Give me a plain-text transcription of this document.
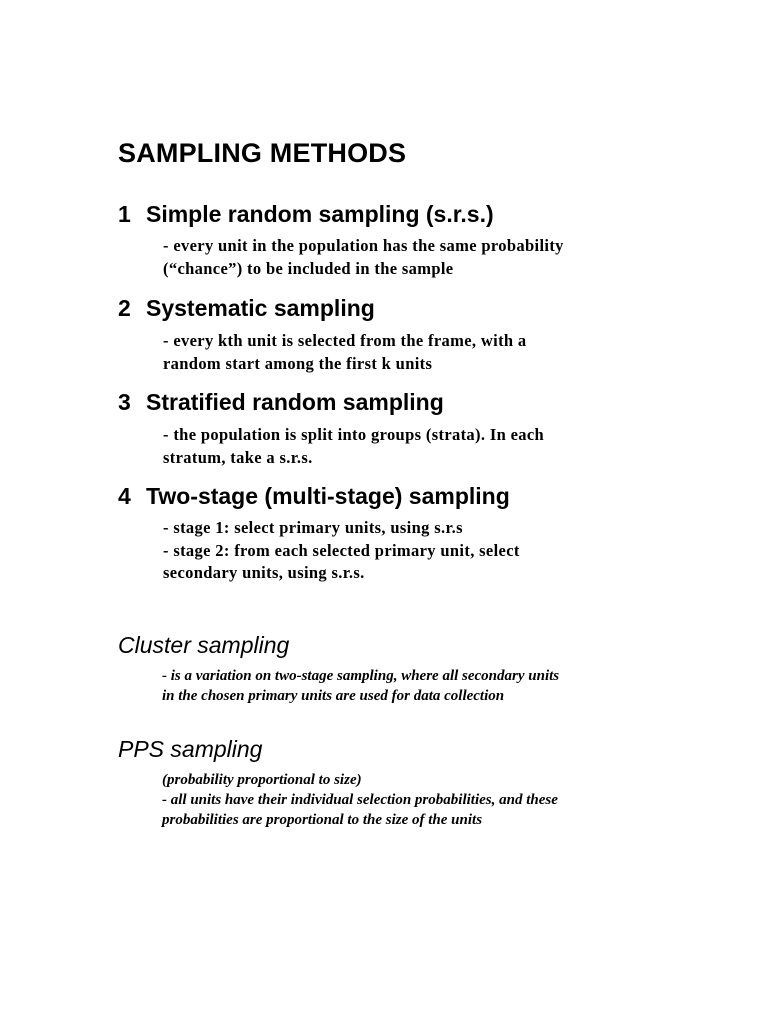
SAMPLING METHODS
1 Simple random sampling (s.r.s.)

- every unit in the population has the same probability
(“chance”) to be included in the sample

2 Systematic sampling

- every kth unit is selected from the frame, with a
random start among the first k units

3 Stratified random sampling

- the population is split into groups (strata). In each
stratum, take a s.r.s.

4 Two-stage (multi-stage) sampling

- stage 1: select primary units, using s.r.s
- stage 2: from each selected primary unit, select
secondary units, using s.r.s.

Cluster sampling

- is a variation on two-stage sampling, where all secondary units
in the chosen primary units are used for data collection

PPS sampling

(probability proportional to size)
- all units have their individual selection probabilities, and these
probabilities are proportional to the size of the units
